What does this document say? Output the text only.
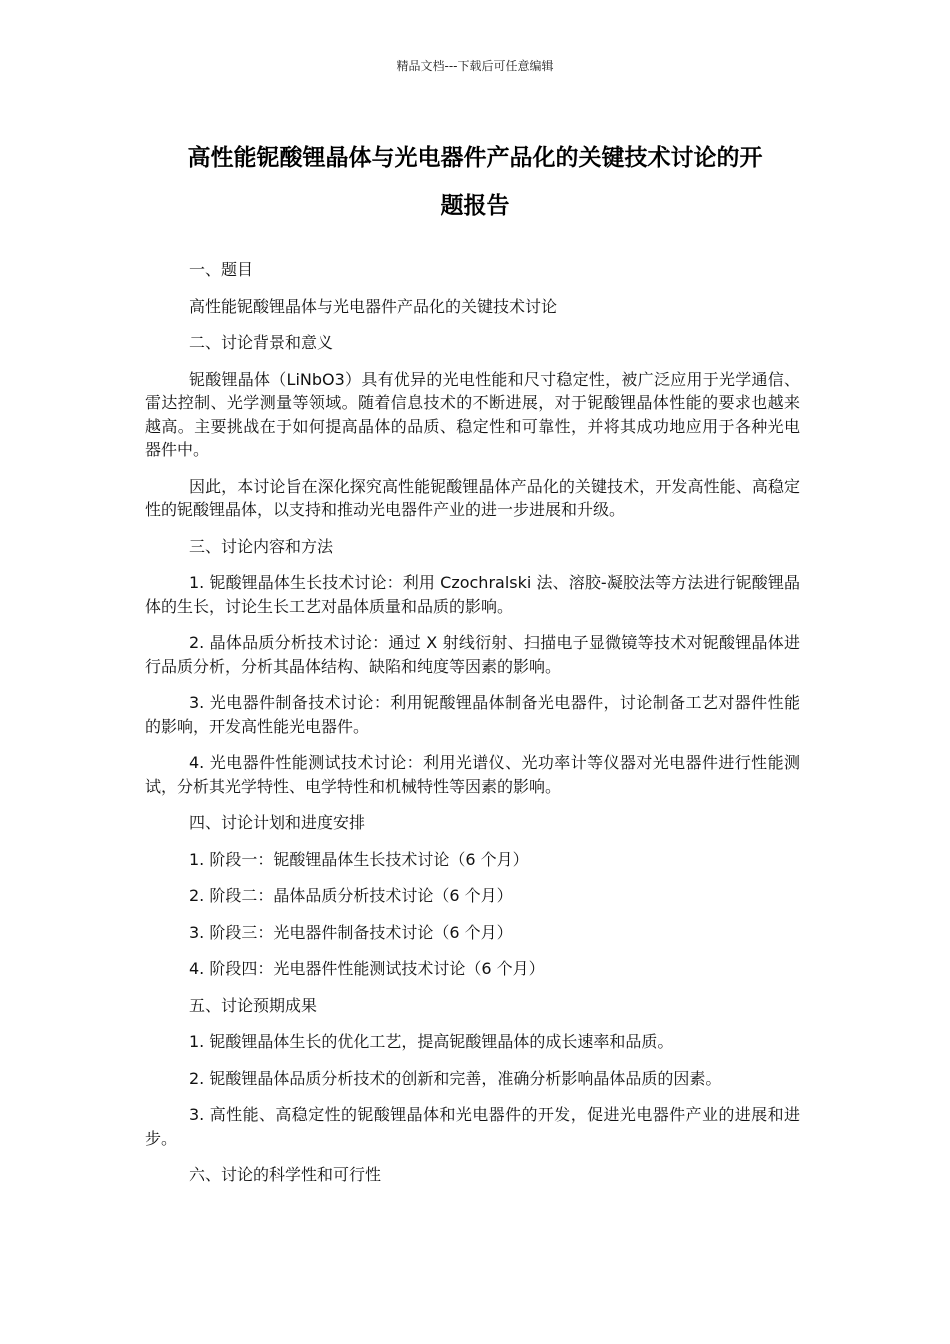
精品文档---下载后可任意编辑
高性能铌酸锂晶体与光电器件产品化的关键技术讨论的开
题报告

一、题目

高性能铌酸锂晶体与光电器件产品化的关键技术讨论

二、讨论背景和意义

铌酸锂晶体（LiNbO3）具有优异的光电性能和尺寸稳定性，被广泛应用于光学通信、雷达控制、光学测量等领域。随着信息技术的不断进展，对于铌酸锂晶体性能的要求也越来越高。主要挑战在于如何提高晶体的品质、稳定性和可靠性，并将其成功地应用于各种光电器件中。

因此，本讨论旨在深化探究高性能铌酸锂晶体产品化的关键技术，开发高性能、高稳定性的铌酸锂晶体，以支持和推动光电器件产业的进一步进展和升级。

三、讨论内容和方法

1. 铌酸锂晶体生长技术讨论：利用 Czochralski 法、溶胶-凝胶法等方法进行铌酸锂晶体的生长，讨论生长工艺对晶体质量和品质的影响。

2. 晶体品质分析技术讨论：通过 X 射线衍射、扫描电子显微镜等技术对铌酸锂晶体进行品质分析，分析其晶体结构、缺陷和纯度等因素的影响。

3. 光电器件制备技术讨论：利用铌酸锂晶体制备光电器件，讨论制备工艺对器件性能的影响，开发高性能光电器件。

4. 光电器件性能测试技术讨论：利用光谱仪、光功率计等仪器对光电器件进行性能测试，分析其光学特性、电学特性和机械特性等因素的影响。

四、讨论计划和进度安排

1. 阶段一：铌酸锂晶体生长技术讨论（6 个月）

2. 阶段二：晶体品质分析技术讨论（6 个月）

3. 阶段三：光电器件制备技术讨论（6 个月）

4. 阶段四：光电器件性能测试技术讨论（6 个月）

五、讨论预期成果

1. 铌酸锂晶体生长的优化工艺，提高铌酸锂晶体的成长速率和品质。

2. 铌酸锂晶体品质分析技术的创新和完善，准确分析影响晶体品质的因素。

3. 高性能、高稳定性的铌酸锂晶体和光电器件的开发，促进光电器件产业的进展和进步。

六、讨论的科学性和可行性
